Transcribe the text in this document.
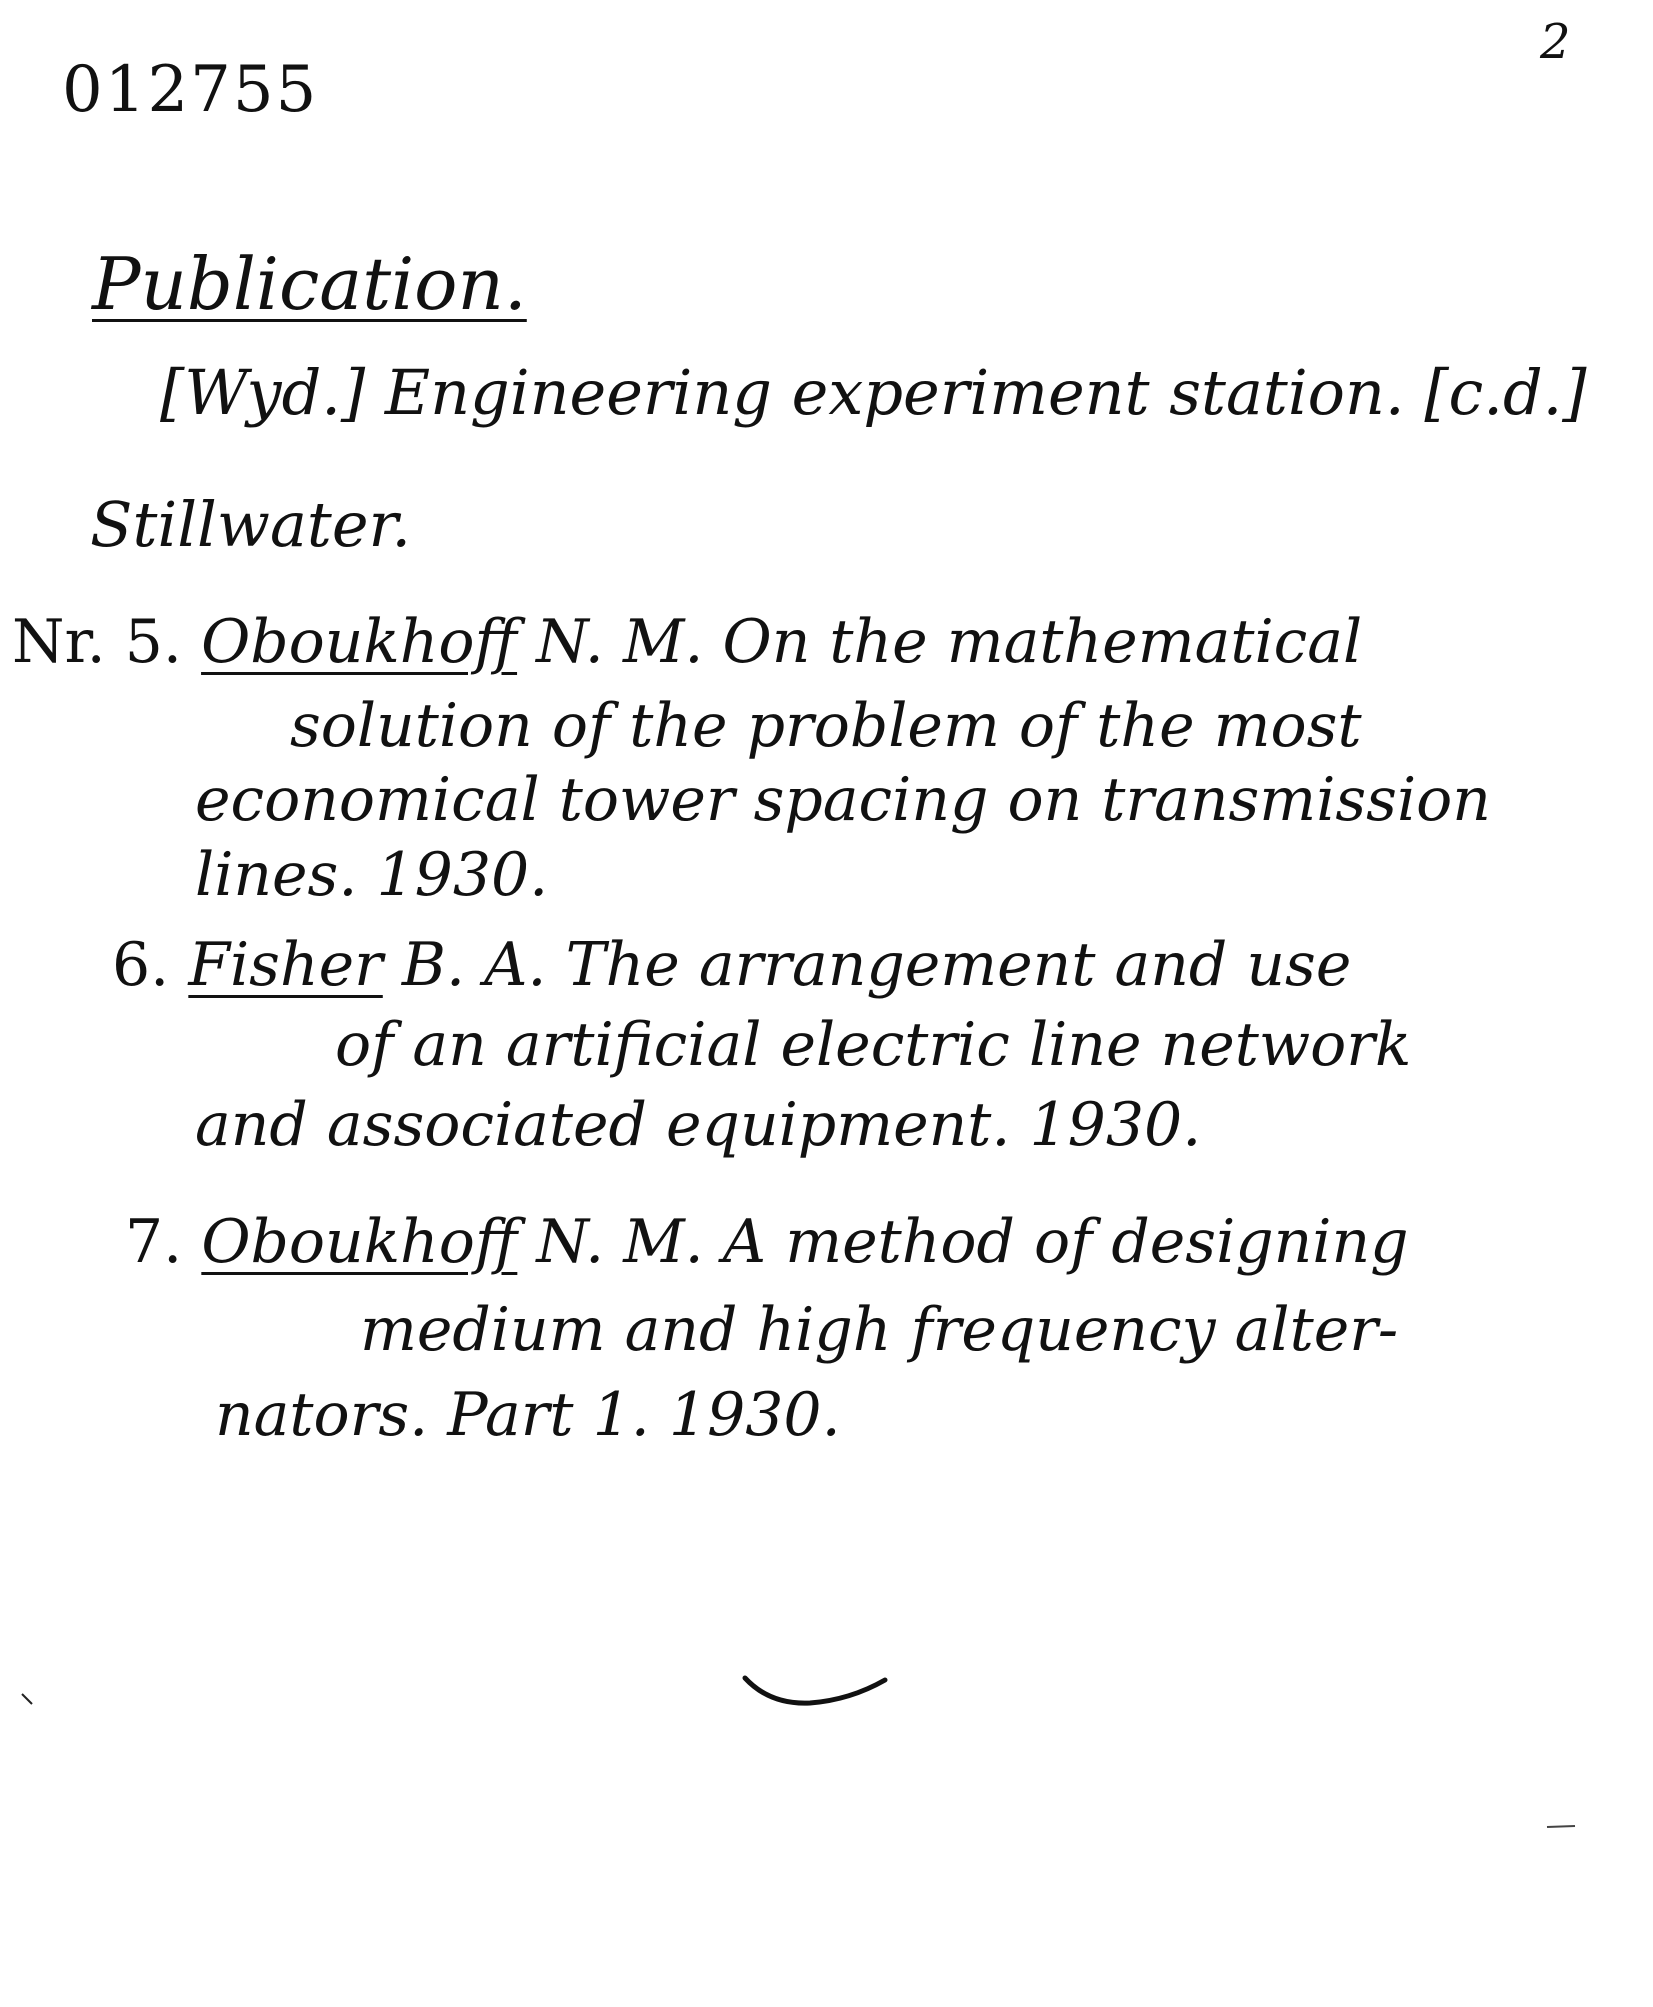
012755
2
Publication.
[Wyd.] Engineering experiment station. [c.d.]
Stillwater.
Nr. 5. Oboukhoff N. M. On the mathematical
solution of the problem of the most
economical tower spacing on transmission
lines. 1930.
6. Fisher B. A. The arrangement and use
of an artificial electric line network
and associated equipment. 1930.
7. Oboukhoff N. M. A method of designing
medium and high frequency alter-
nators. Part 1. 1930.
